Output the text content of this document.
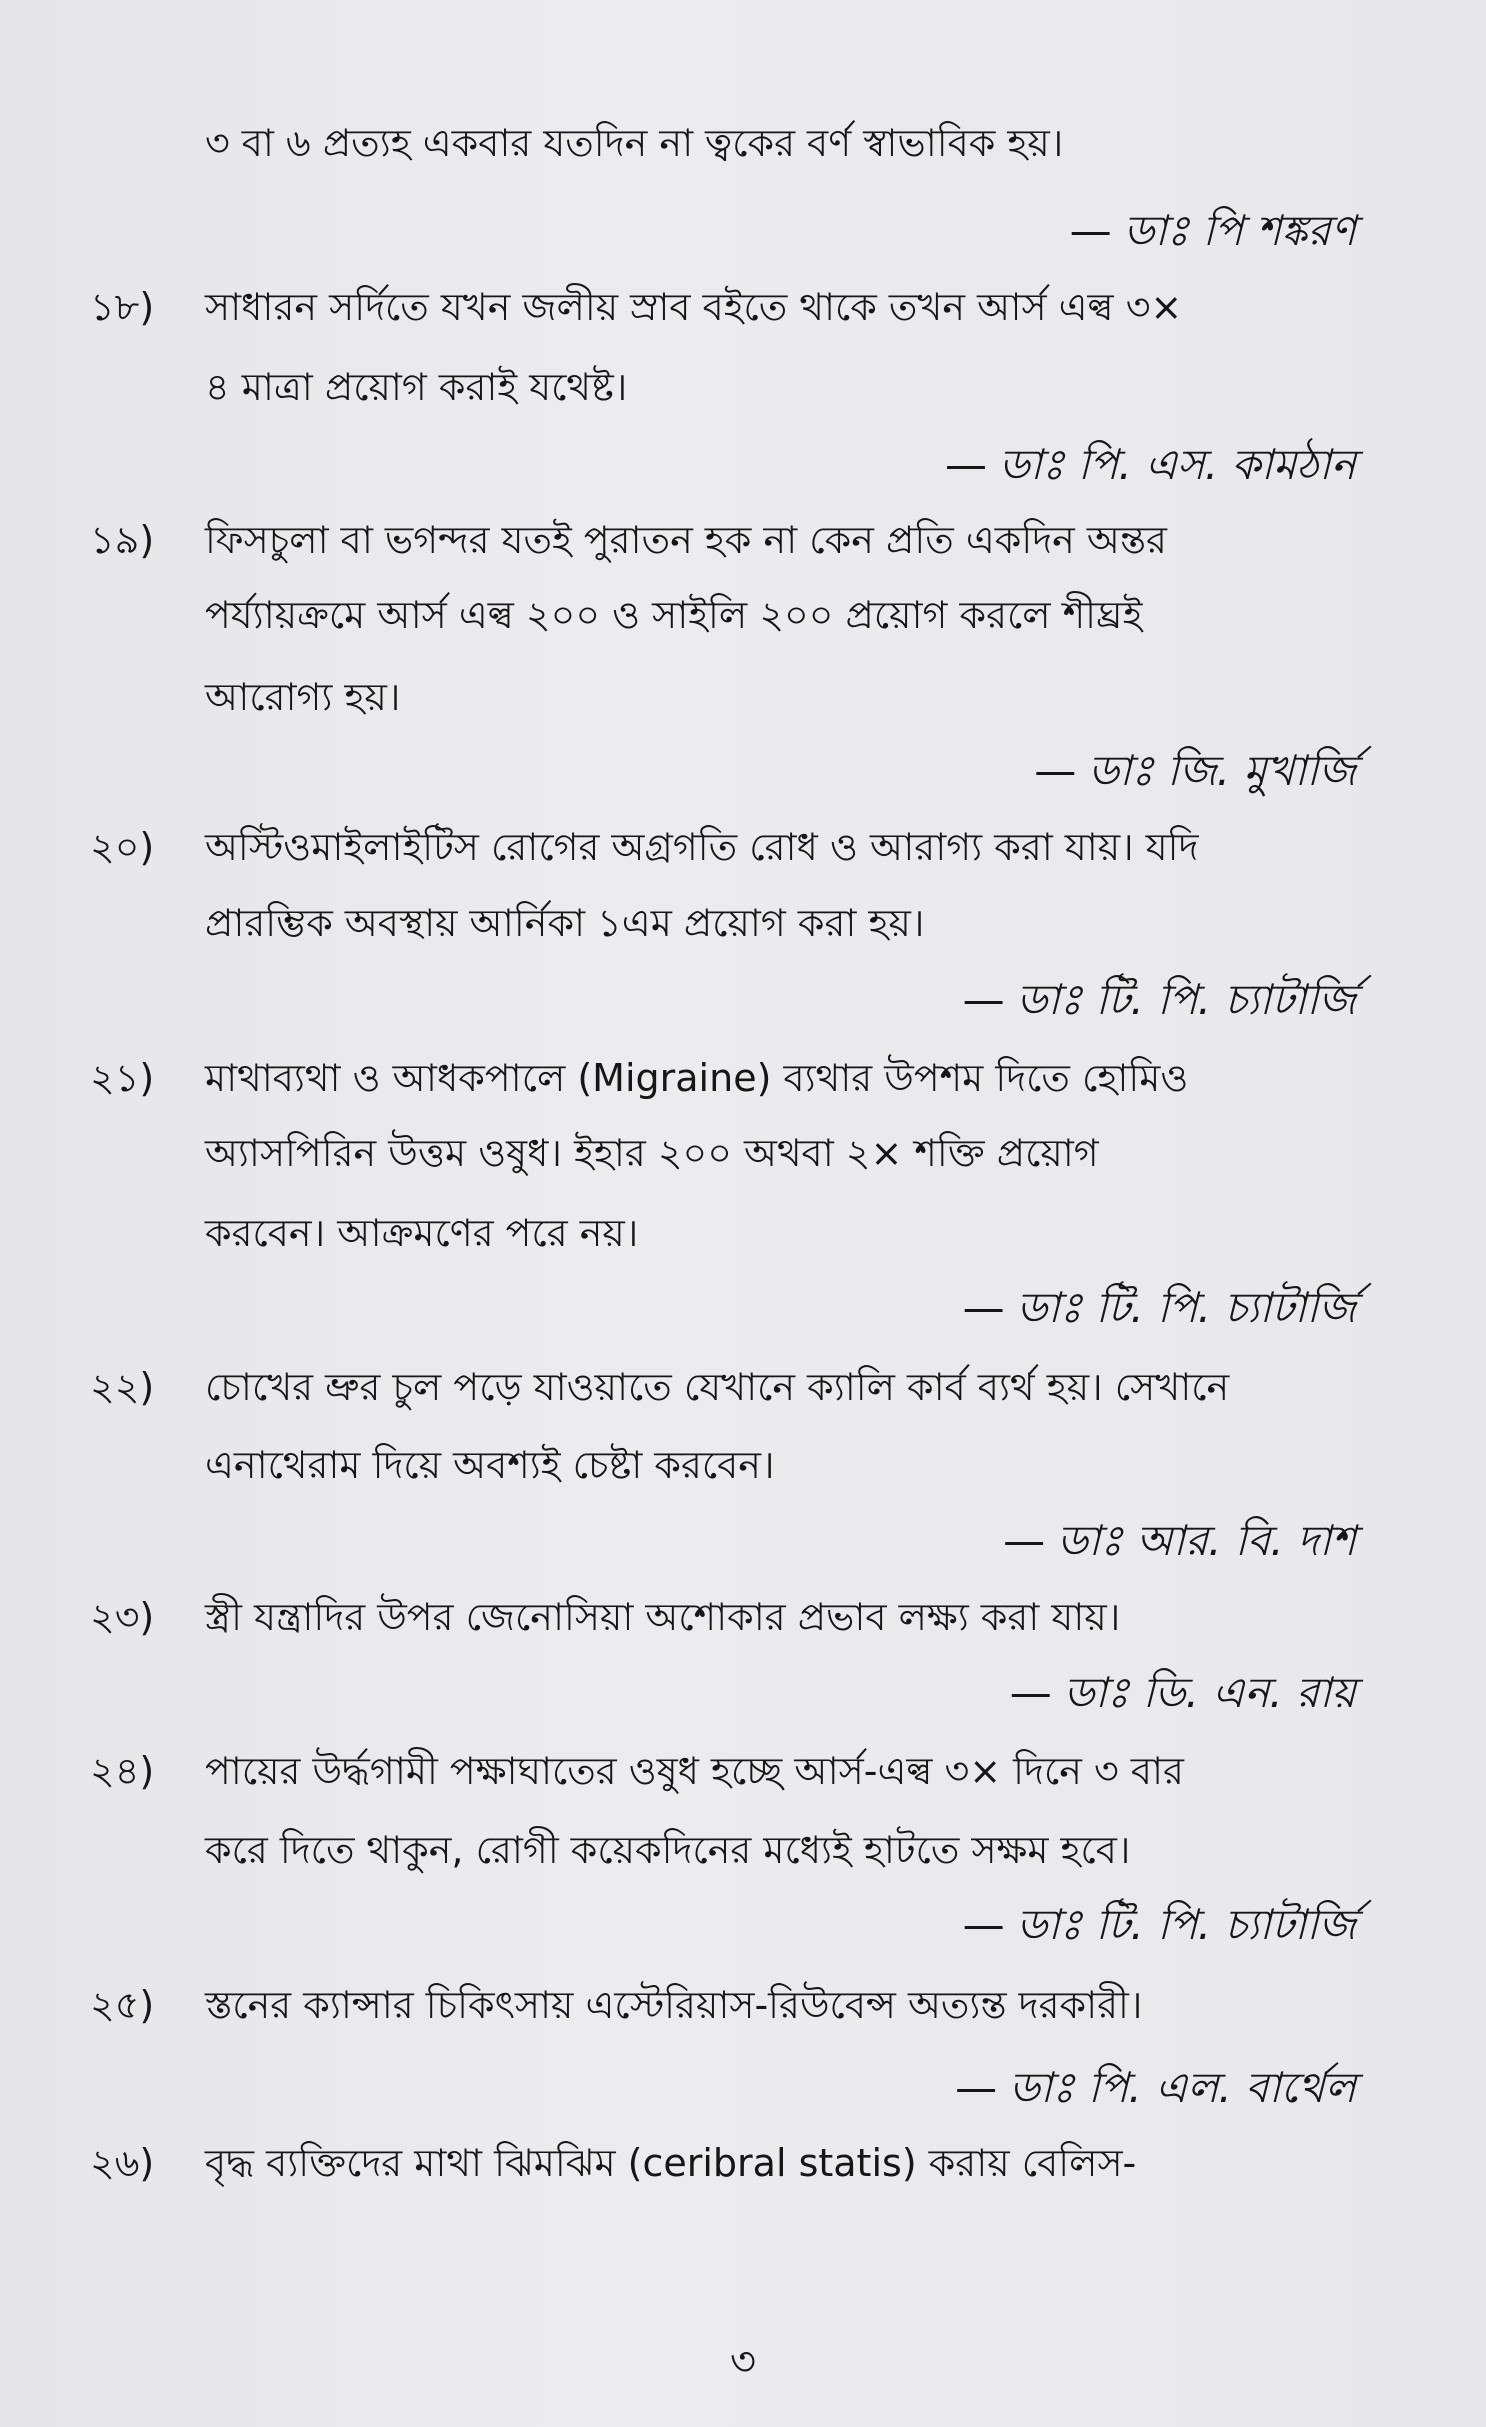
৩ বা ৬ প্রত্যহ একবার যতদিন না ত্বকের বর্ণ স্বাভাবিক হয়।
— ডাঃ পি শঙ্করণ
১৮) সাধারন সর্দিতে যখন জলীয় স্রাব বইতে থাকে তখন আর্স এল্ব ৩×
৪ মাত্রা প্রয়োগ করাই যথেষ্ট।
— ডাঃ পি. এস. কামঠান
১৯) ফিসচুলা বা ভগন্দর যতই পুরাতন হক না কেন প্রতি একদিন অন্তর
পর্য্যায়ক্রমে আর্স এল্ব ২০০ ও সাইলি ২০০ প্রয়োগ করলে শীঘ্রই
আরোগ্য হয়।
— ডাঃ জি. মুখার্জি
২০) অস্টিওমাইলাইটিস রোগের অগ্রগতি রোধ ও আরাগ্য করা যায়। যদি
প্রারম্ভিক অবস্থায় আর্নিকা ১এম প্রয়োগ করা হয়।
— ডাঃ টি. পি. চ্যাটার্জি
২১) মাথাব্যথা ও আধকপালে (Migraine) ব্যথার উপশম দিতে হোমিও
অ্যাসপিরিন উত্তম ওষুধ। ইহার ২০০ অথবা ২× শক্তি প্রয়োগ
করবেন। আক্রমণের পরে নয়।
— ডাঃ টি. পি. চ্যাটার্জি
২২) চোখের ভ্রুর চুল পড়ে যাওয়াতে যেখানে ক্যালি কার্ব ব্যর্থ হয়। সেখানে
এনাথেরাম দিয়ে অবশ্যই চেষ্টা করবেন।
— ডাঃ আর. বি. দাশ
২৩) স্ত্রী যন্ত্রাদির উপর জেনোসিয়া অশোকার প্রভাব লক্ষ্য করা যায়।
— ডাঃ ডি. এন. রায়
২৪) পায়ের উর্দ্ধগামী পক্ষাঘাতের ওষুধ হচ্ছে আর্স-এল্ব ৩× দিনে ৩ বার
করে দিতে থাকুন, রোগী কয়েকদিনের মধ্যেই হাটতে সক্ষম হবে।
— ডাঃ টি. পি. চ্যাটার্জি
২৫) স্তনের ক্যান্সার চিকিৎসায় এস্টেরিয়াস-রিউবেন্স অত্যন্ত দরকারী।
— ডাঃ পি. এল. বার্থেল
২৬) বৃদ্ধ ব্যক্তিদের মাথা ঝিমঝিম (ceribral statis) করায় বেলিস-
৩
